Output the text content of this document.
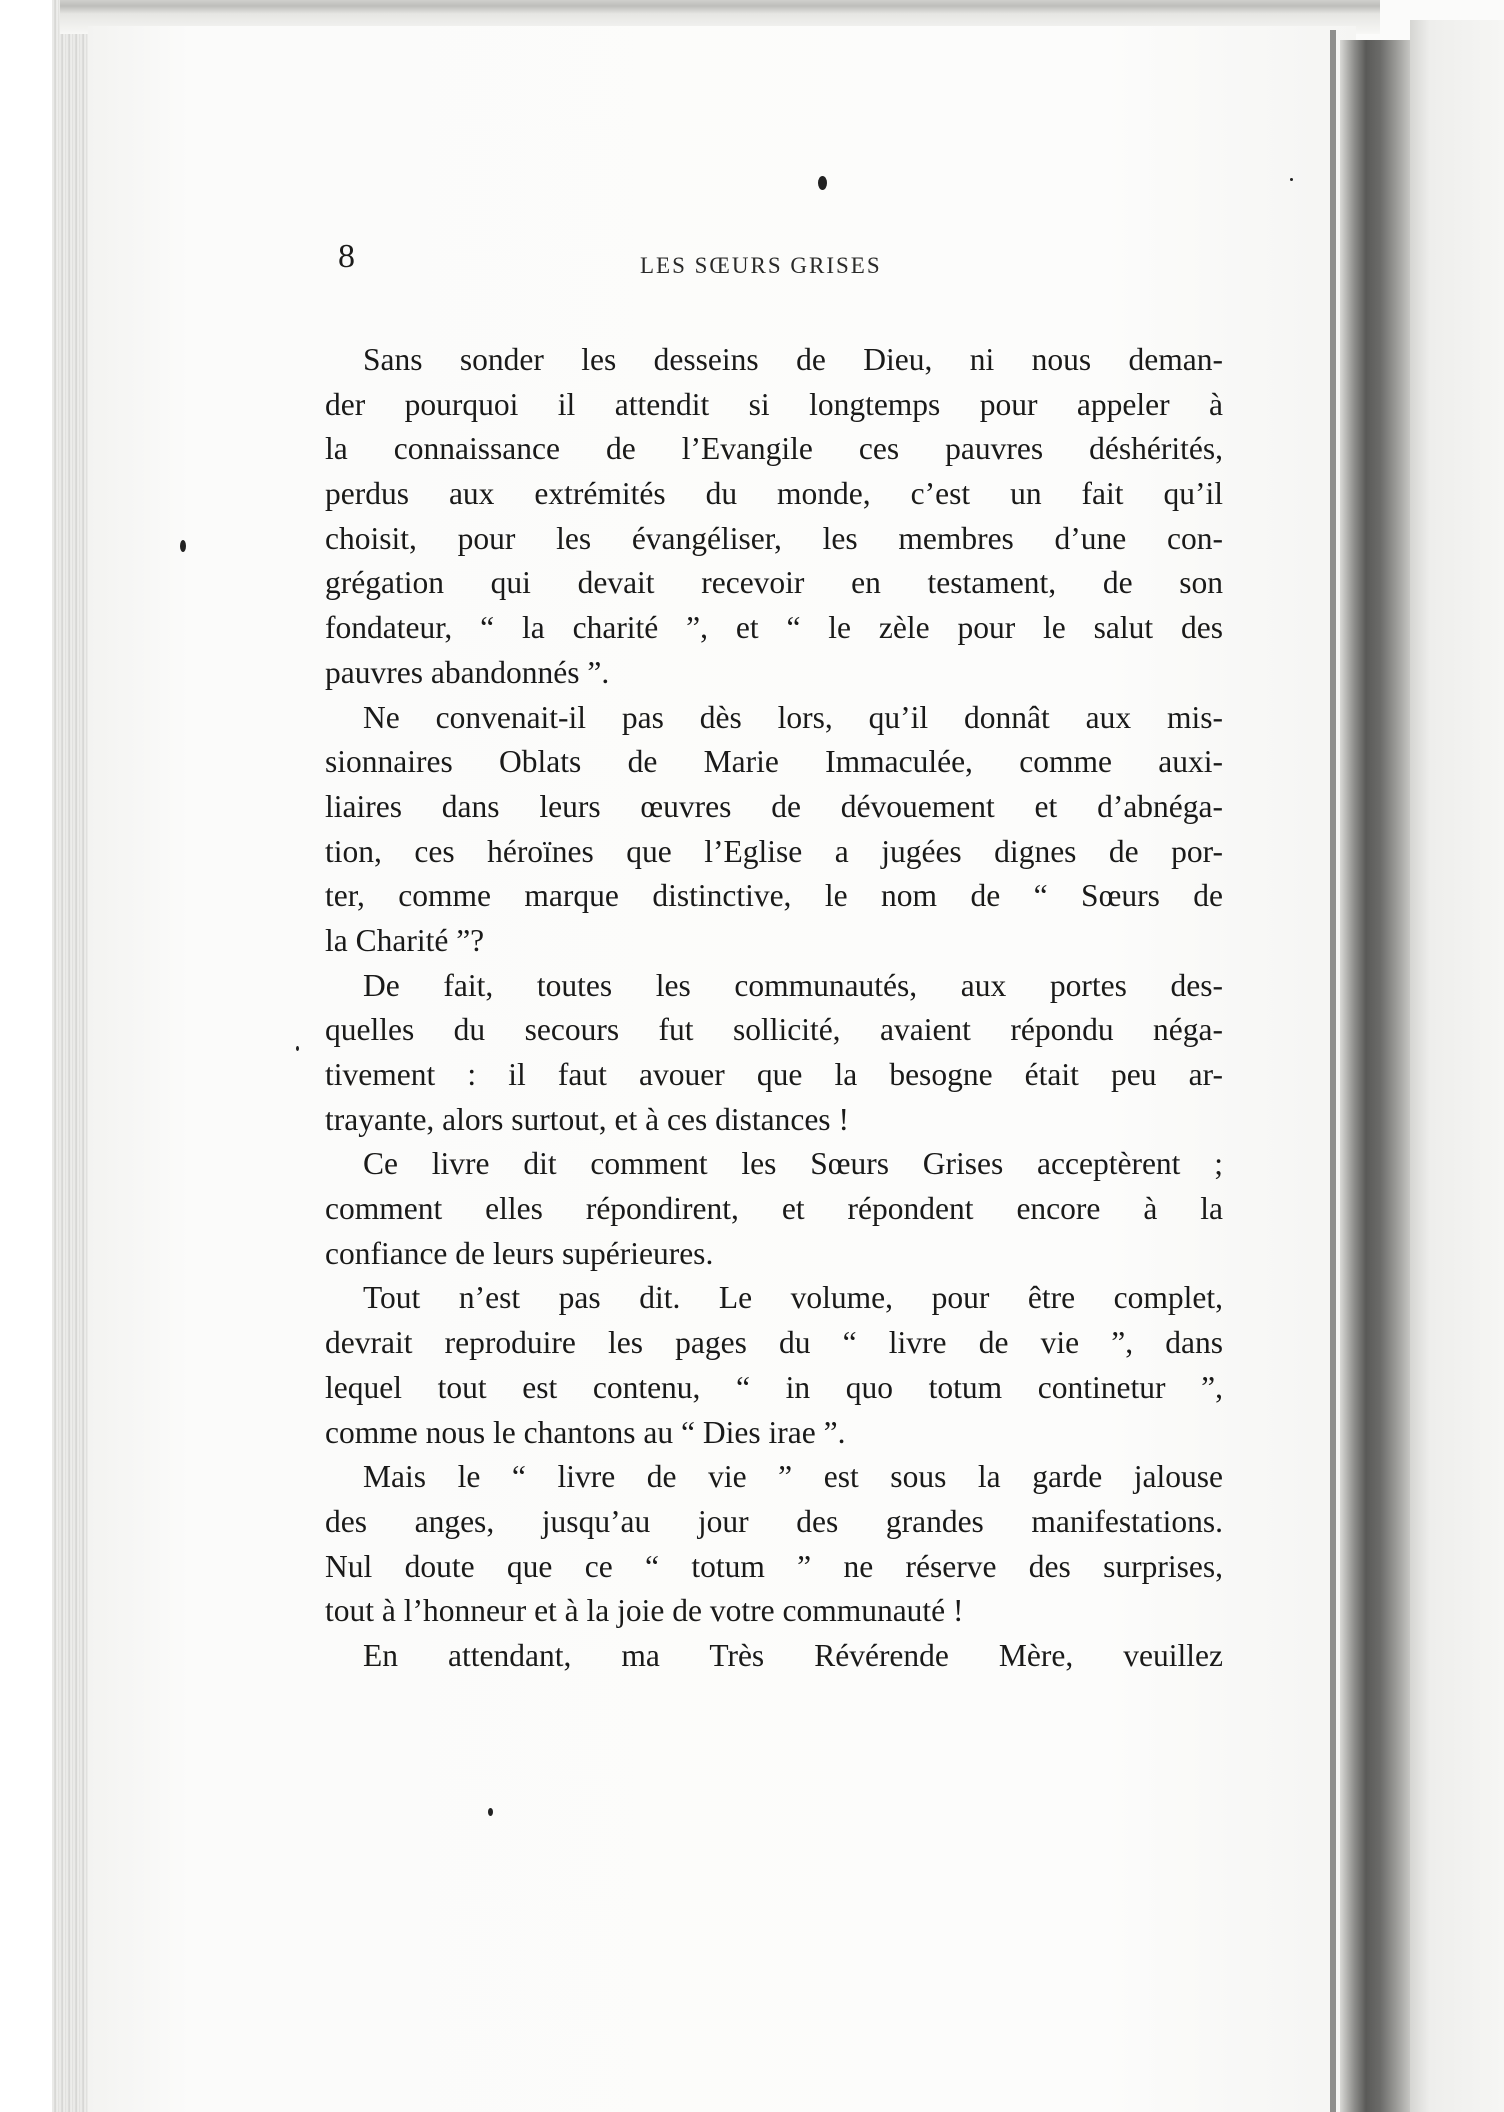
8	LES SŒURS GRISES
Sans sonder les desseins de Dieu, ni nous deman-
der pourquoi il attendit si longtemps pour appeler à
la connaissance de l’Evangile ces pauvres déshérités,
perdus aux extrémités du monde, c’est un fait qu’il
choisit, pour les évangéliser, les membres d’une con-
grégation qui devait recevoir en testament, de son
fondateur, “ la charité ”, et “ le zèle pour le salut des
pauvres abandonnés ”.
Ne convenait-il pas dès lors, qu’il donnât aux mis-
sionnaires Oblats de Marie Immaculée, comme auxi-
liaires dans leurs œuvres de dévouement et d’abnéga-
tion, ces héroïnes que l’Eglise a jugées dignes de por-
ter, comme marque distinctive, le nom de “ Sœurs de
la Charité ”?
De fait, toutes les communautés, aux portes des-
quelles du secours fut sollicité, avaient répondu néga-
tivement : il faut avouer que la besogne était peu ar-
trayante, alors surtout, et à ces distances !
Ce livre dit comment les Sœurs Grises acceptèrent ;
comment elles répondirent, et répondent encore à la
confiance de leurs supérieures.
Tout n’est pas dit. Le volume, pour être complet,
devrait reproduire les pages du “ livre de vie ”, dans
lequel tout est contenu, “ in quo totum continetur ”,
comme nous le chantons au “ Dies irae ”.
Mais le “ livre de vie ” est sous la garde jalouse
des anges, jusqu’au jour des grandes manifestations.
Nul doute que ce “ totum ” ne réserve des surprises,
tout à l’honneur et à la joie de votre communauté !
En attendant, ma Très Révérende Mère, veuillez
